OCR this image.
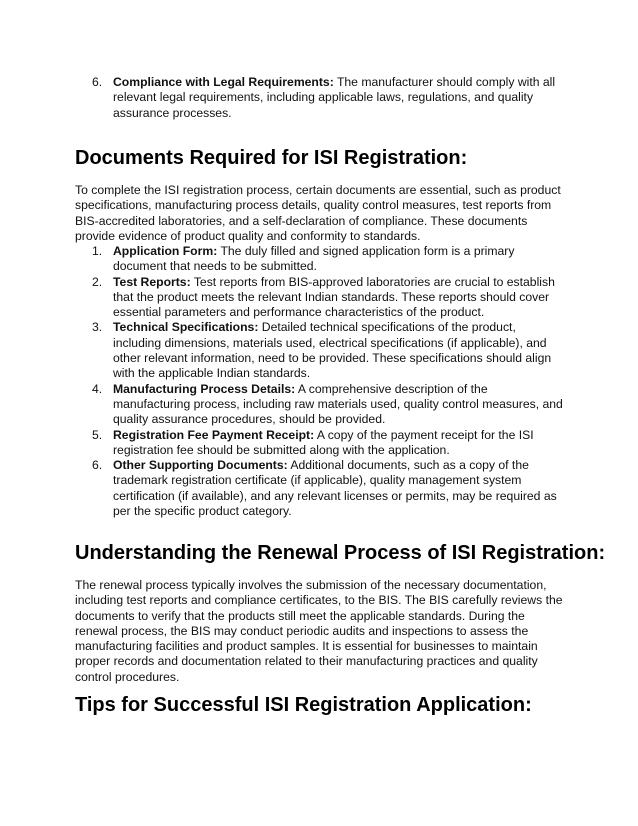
6. Compliance with Legal Requirements: The manufacturer should comply with all relevant legal requirements, including applicable laws, regulations, and quality assurance processes.
Documents Required for ISI Registration:

To complete the ISI registration process, certain documents are essential, such as product specifications, manufacturing process details, quality control measures, test reports from BIS-accredited laboratories, and a self-declaration of compliance. These documents provide evidence of product quality and conformity to standards.

1. Application Form: The duly filled and signed application form is a primary document that needs to be submitted.
2. Test Reports: Test reports from BIS-approved laboratories are crucial to establish that the product meets the relevant Indian standards. These reports should cover essential parameters and performance characteristics of the product.
3. Technical Specifications: Detailed technical specifications of the product, including dimensions, materials used, electrical specifications (if applicable), and other relevant information, need to be provided. These specifications should align with the applicable Indian standards.
4. Manufacturing Process Details: A comprehensive description of the manufacturing process, including raw materials used, quality control measures, and quality assurance procedures, should be provided.
5. Registration Fee Payment Receipt: A copy of the payment receipt for the ISI registration fee should be submitted along with the application.
6. Other Supporting Documents: Additional documents, such as a copy of the trademark registration certificate (if applicable), quality management system certification (if available), and any relevant licenses or permits, may be required as per the specific product category.
Understanding the Renewal Process of ISI Registration:

The renewal process typically involves the submission of the necessary documentation, including test reports and compliance certificates, to the BIS. The BIS carefully reviews the documents to verify that the products still meet the applicable standards. During the renewal process, the BIS may conduct periodic audits and inspections to assess the manufacturing facilities and product samples. It is essential for businesses to maintain proper records and documentation related to their manufacturing practices and quality control procedures.

Tips for Successful ISI Registration Application:
